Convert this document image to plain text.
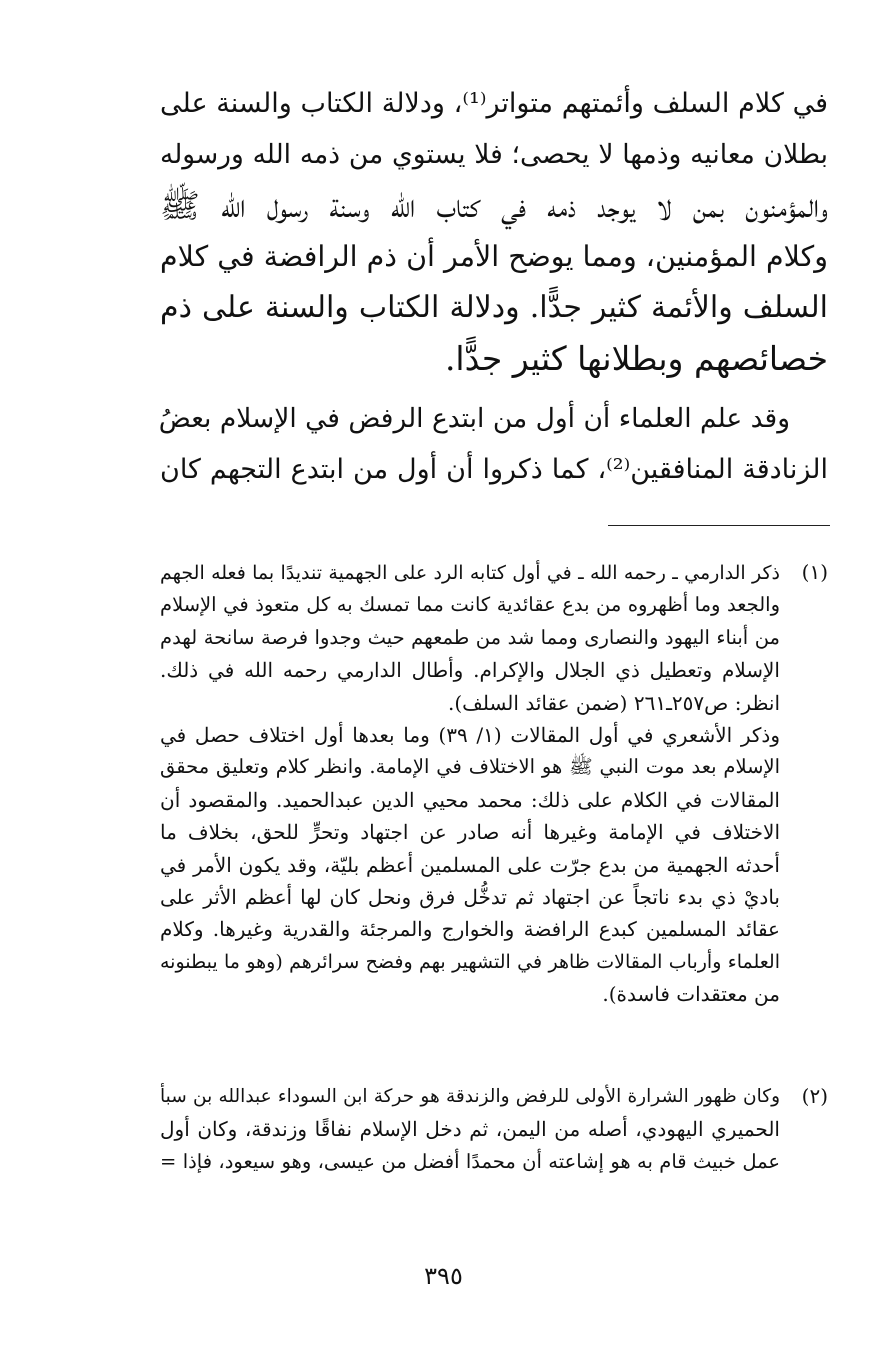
في كلام السلف وأئمتهم متواتر⁽¹⁾، ودلالة الكتاب والسنة على
بطلان معانيه وذمها لا يحصى؛ فلا يستوي من ذمه الله ورسوله
والمؤمنون بمن لا يوجد ذمه في كتاب الله وسنة رسول الله ﷺ
وكلام المؤمنين، ومما يوضح الأمر أن ذم الرافضة في كلام
السلف والأئمة كثير جدًّا. ودلالة الكتاب والسنة على ذم
خصائصهم وبطلانها كثير جدًّا.
وقد علم العلماء أن أول من ابتدع الرفض في الإسلام بعضُ
الزنادقة المنافقين⁽²⁾، كما ذكروا أن أول من ابتدع التجهم كان
(١)
ذكر الدارمي ـ رحمه الله ـ في أول كتابه الرد على الجهمية تنديدًا بما فعله الجهم
والجعد وما أظهروه من بدع عقائدية كانت مما تمسك به كل متعوذ في الإسلام
من أبناء اليهود والنصارى ومما شد من طمعهم حيث وجدوا فرصة سانحة لهدم
الإسلام وتعطيل ذي الجلال والإكرام. وأطال الدارمي رحمه الله في ذلك.
انظر: ص٢٥٧ـ٢٦١ (ضمن عقائد السلف).
وذكر الأشعري في أول المقالات (١/ ٣٩) وما بعدها أول اختلاف حصل في
الإسلام بعد موت النبي ﷺ هو الاختلاف في الإمامة. وانظر كلام وتعليق محقق
المقالات في الكلام على ذلك: محمد محيي الدين عبدالحميد. والمقصود أن
الاختلاف في الإمامة وغيرها أنه صادر عن اجتهاد وتحرٍّ للحق، بخلاف ما
أحدثه الجهمية من بدع جرّت على المسلمين أعظم بليّة، وقد يكون الأمر في
باديْ ذي بدء ناتجاً عن اجتهاد ثم تدخُّل فرق ونحل كان لها أعظم الأثر على
عقائد المسلمين كبدع الرافضة والخوارج والمرجئة والقدرية وغيرها. وكلام
العلماء وأرباب المقالات ظاهر في التشهير بهم وفضح سرائرهم (وهو ما يبطنونه
من معتقدات فاسدة).
(٢)
وكان ظهور الشرارة الأولى للرفض والزندقة هو حركة ابن السوداء عبدالله بن سبأ
الحميري اليهودي، أصله من اليمن، ثم دخل الإسلام نفاقًا وزندقة، وكان أول
عمل خبيث قام به هو إشاعته أن محمدًا أفضل من عيسى، وهو سيعود، فإذا =
٣٩٥
